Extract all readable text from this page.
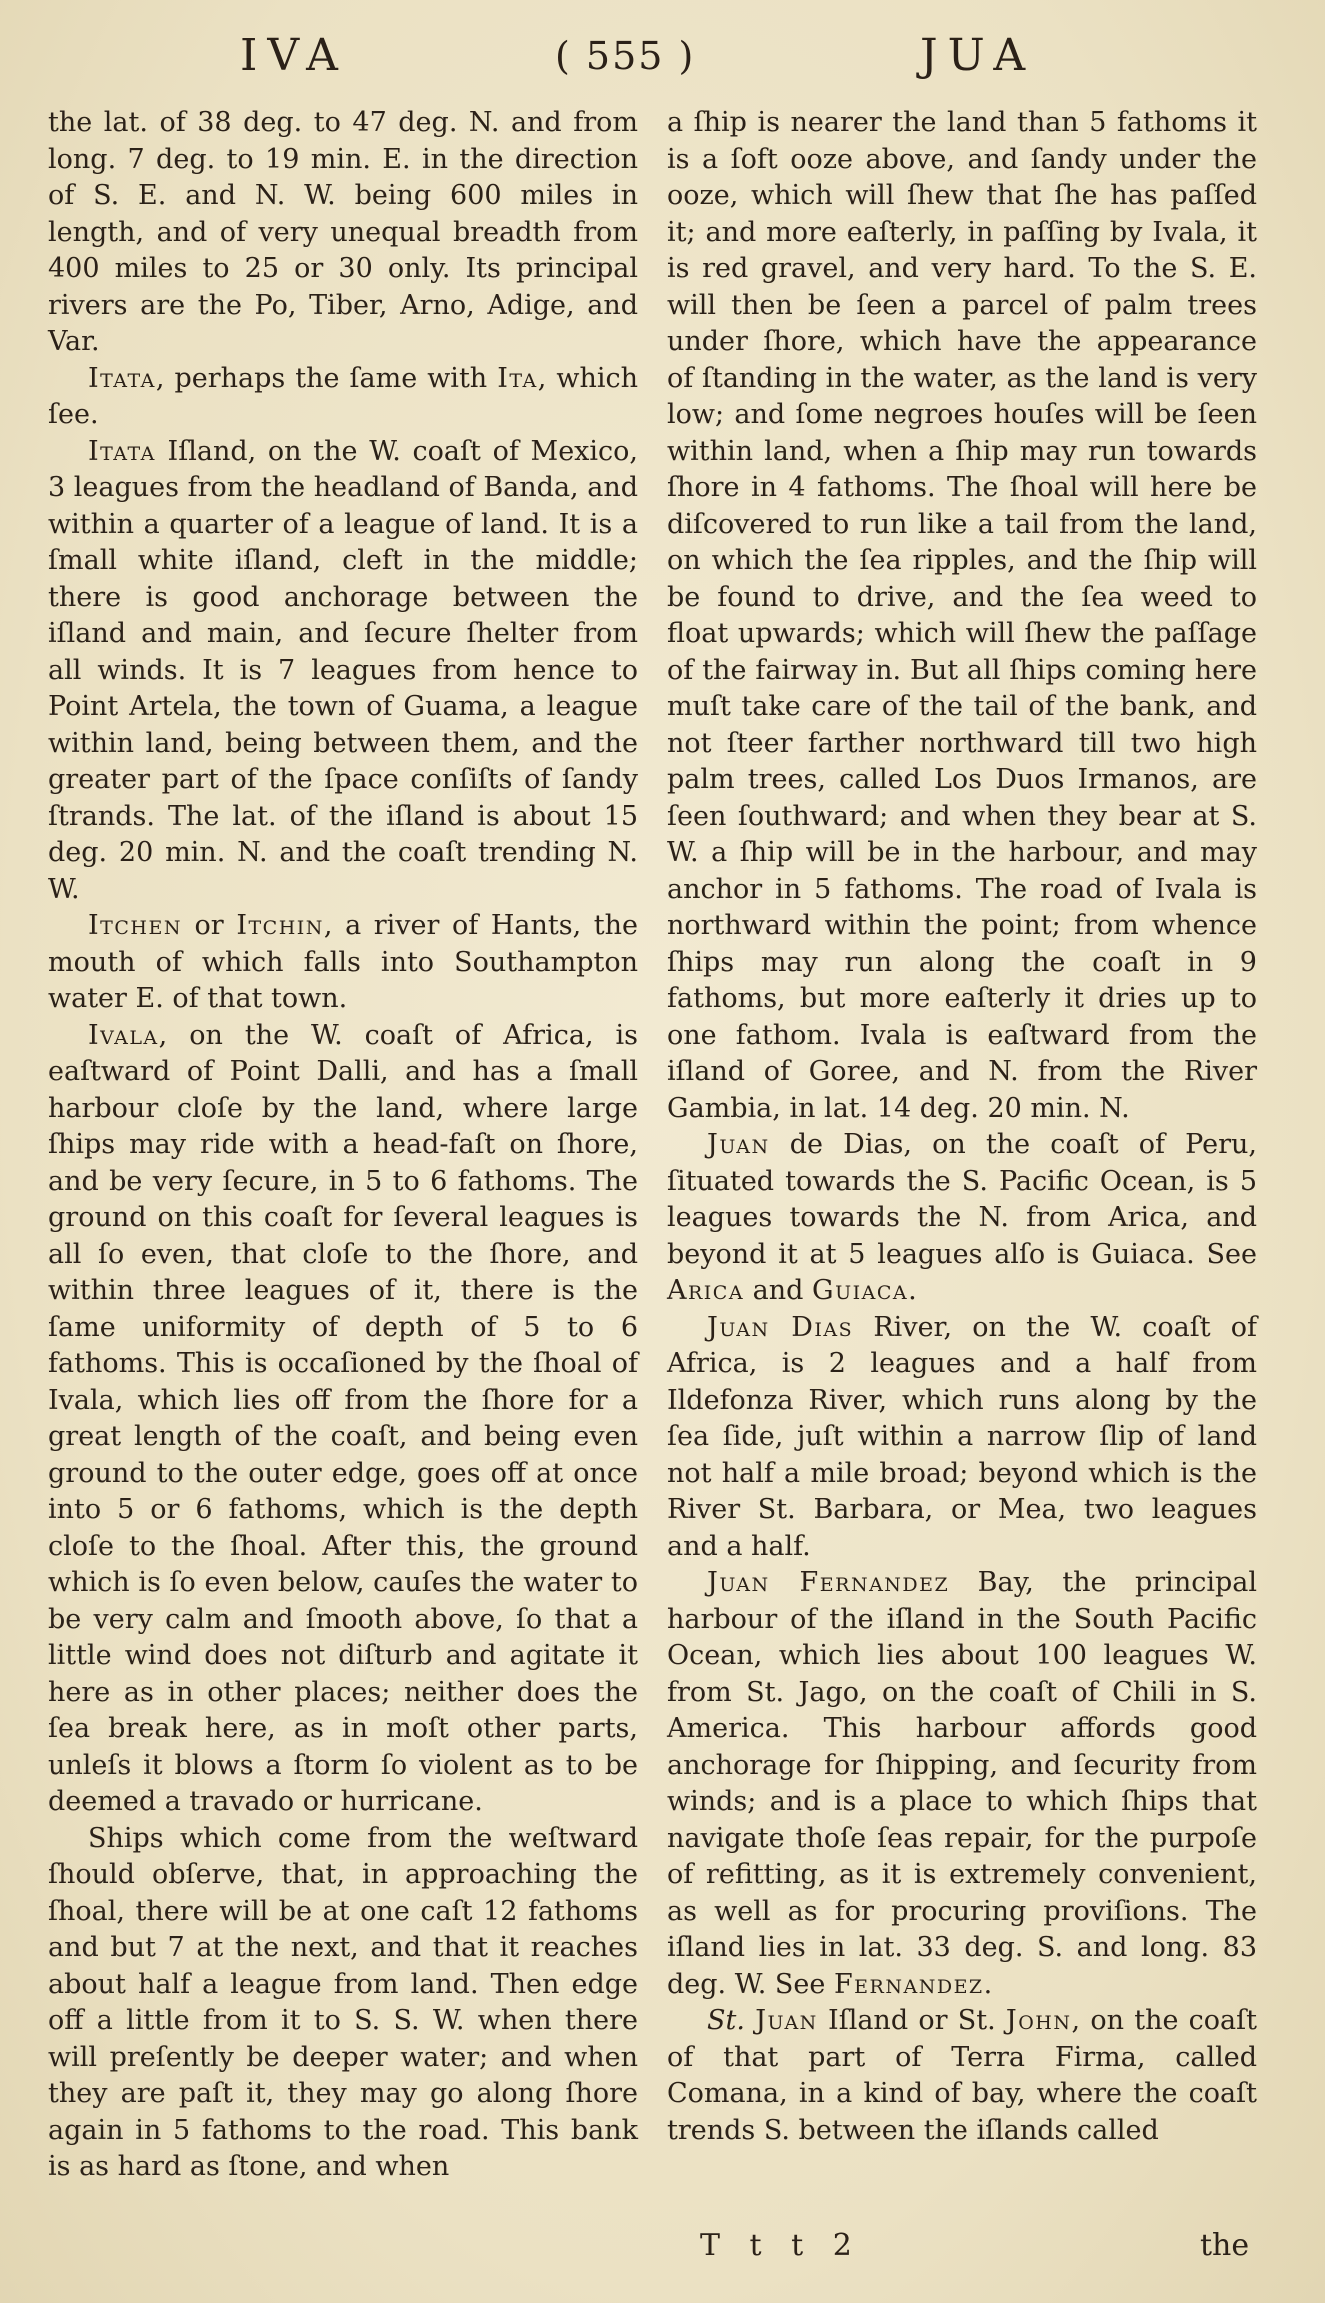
IVA	( 555 )	JUA

the lat. of 38 deg. to 47 deg. N. and from long. 7 deg. to 19 min. E. in the direction of S. E. and N. W. being 600 miles in length, and of very unequal breadth from 400 miles to 25 or 30 only. Its principal rivers are the Po, Tiber, Arno, Adige, and Var.

Itata, perhaps the ſame with Ita, which ſee.

Itata Iſland, on the W. coaſt of Mexico, 3 leagues from the headland of Banda, and within a quarter of a league of land. It is a ſmall white iſland, cleft in the middle; there is good anchorage between the iſland and main, and ſecure ſhelter from all winds. It is 7 leagues from hence to Point Artela, the town of Guama, a league within land, being between them, and the greater part of the ſpace conſiſts of ſandy ſtrands. The lat. of the iſland is about 15 deg. 20 min. N. and the coaſt trending N. W.

Itchen or Itchin, a river of Hants, the mouth of which falls into Southampton water E. of that town.

Ivala, on the W. coaſt of Africa, is eaſtward of Point Dalli, and has a ſmall harbour cloſe by the land, where large ſhips may ride with a head-faſt on ſhore, and be very ſecure, in 5 to 6 fathoms. The ground on this coaſt for ſeveral leagues is all ſo even, that cloſe to the ſhore, and within three leagues of it, there is the ſame uniformity of depth of 5 to 6 fathoms. This is occaſioned by the ſhoal of Ivala, which lies off from the ſhore for a great length of the coaſt, and being even ground to the outer edge, goes off at once into 5 or 6 fathoms, which is the depth cloſe to the ſhoal. After this, the ground which is ſo even below, cauſes the water to be very calm and ſmooth above, ſo that a little wind does not diſturb and agitate it here as in other places; neither does the ſea break here, as in moſt other parts, unleſs it blows a ſtorm ſo violent as to be deemed a travado or hurricane.

Ships which come from the weſtward ſhould obſerve, that, in approaching the ſhoal, there will be at one caſt 12 fathoms and but 7 at the next, and that it reaches about half a league from land. Then edge off a little from it to S. S. W. when there will preſently be deeper water; and when they are paſt it, they may go along ſhore again in 5 fathoms to the road. This bank is as hard as ſtone, and when

a ſhip is nearer the land than 5 fathoms it is a ſoft ooze above, and ſandy under the ooze, which will ſhew that ſhe has paſſed it; and more eaſterly, in paſſing by Ivala, it is red gravel, and very hard. To the S. E. will then be ſeen a parcel of palm trees under ſhore, which have the appearance of ſtanding in the water, as the land is very low; and ſome negroes houſes will be ſeen within land, when a ſhip may run towards ſhore in 4 fathoms. The ſhoal will here be diſcovered to run like a tail from the land, on which the ſea ripples, and the ſhip will be found to drive, and the ſea weed to float upwards; which will ſhew the paſſage of the fairway in. But all ſhips coming here muſt take care of the tail of the bank, and not ſteer farther northward till two high palm trees, called Los Duos Irmanos, are ſeen ſouthward; and when they bear at S. W. a ſhip will be in the harbour, and may anchor in 5 fathoms. The road of Ivala is northward within the point; from whence ſhips may run along the coaſt in 9 fathoms, but more eaſterly it dries up to one fathom. Ivala is eaſtward from the iſland of Goree, and N. from the River Gambia, in lat. 14 deg. 20 min. N.

Juan de Dias, on the coaſt of Peru, ſituated towards the S. Pacific Ocean, is 5 leagues towards the N. from Arica, and beyond it at 5 leagues alſo is Guiaca. See Arica and Guiaca.

Juan Dias River, on the W. coaſt of Africa, is 2 leagues and a half from Ildefonza River, which runs along by the ſea ſide, juſt within a narrow ſlip of land not half a mile broad; beyond which is the River St. Barbara, or Mea, two leagues and a half.

Juan Fernandez Bay, the principal harbour of the iſland in the South Pacific Ocean, which lies about 100 leagues W. from St. Jago, on the coaſt of Chili in S. America. This harbour affords good anchorage for ſhipping, and ſecurity from winds; and is a place to which ſhips that navigate thoſe ſeas repair, for the purpoſe of refitting, as it is extremely convenient, as well as for procuring proviſions. The iſland lies in lat. 33 deg. S. and long. 83 deg. W. See Fernandez.

St. Juan Iſland or St. John, on the coaſt of that part of Terra Firma, called Comana, in a kind of bay, where the coaſt trends S. between the iſlands called

T t t 2	the
